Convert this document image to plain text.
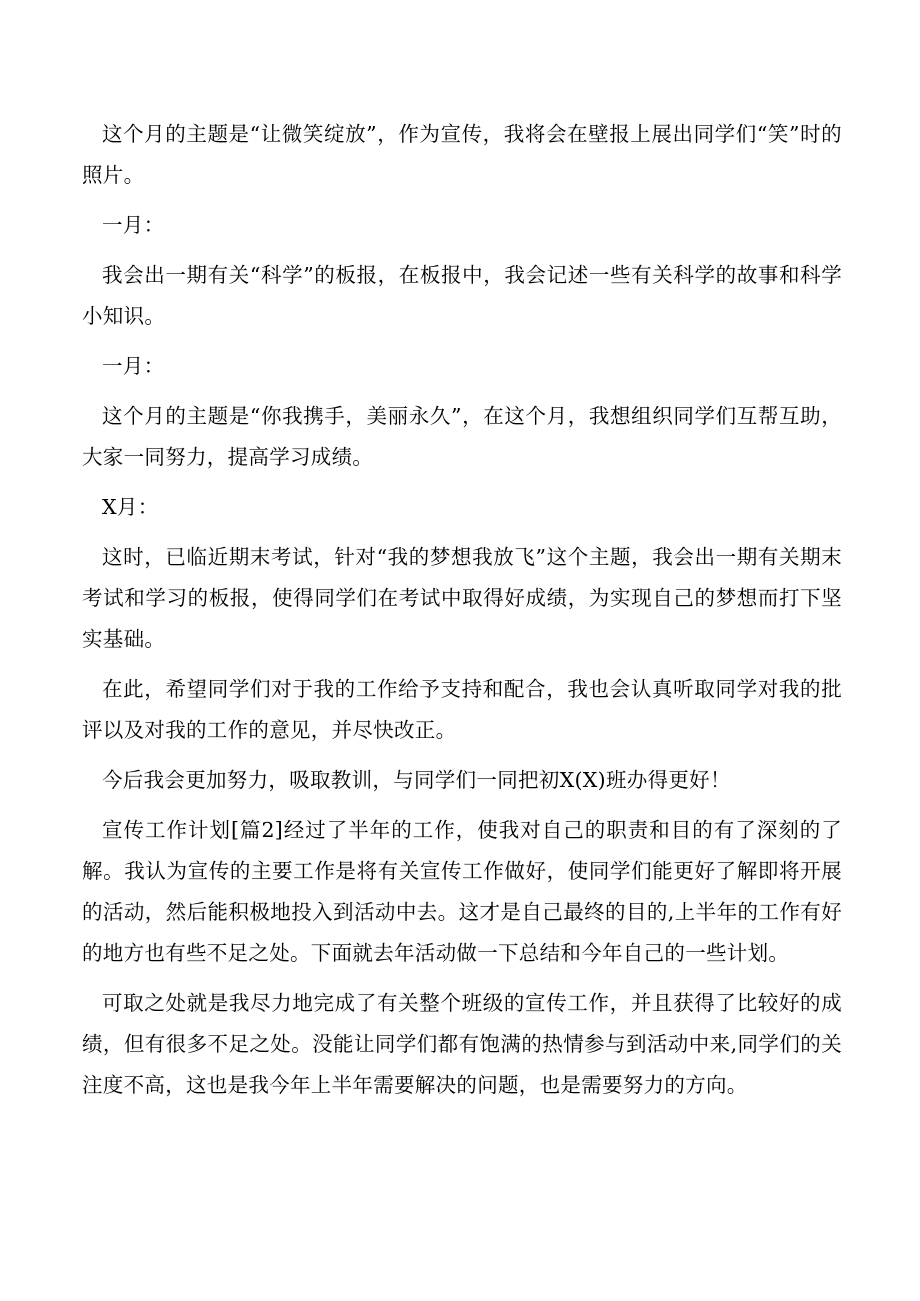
这个月的主题是“让微笑绽放”，作为宣传，我将会在壁报上展出同学们“笑”时的照片。

一月：

我会出一期有关“科学”的板报，在板报中，我会记述一些有关科学的故事和科学小知识。

一月：

这个月的主题是“你我携手，美丽永久”，在这个月，我想组织同学们互帮互助，大家一同努力，提高学习成绩。

X月：

这时，已临近期末考试，针对“我的梦想我放飞”这个主题，我会出一期有关期末考试和学习的板报，使得同学们在考试中取得好成绩，为实现自己的梦想而打下坚实基础。

在此，希望同学们对于我的工作给予支持和配合，我也会认真听取同学对我的批评以及对我的工作的意见，并尽快改正。

今后我会更加努力，吸取教训，与同学们一同把初X(X)班办得更好！

宣传工作计划[篇2]经过了半年的工作，使我对自己的职责和目的有了深刻的了解。我认为宣传的主要工作是将有关宣传工作做好，使同学们能更好了解即将开展的活动，然后能积极地投入到活动中去。这才是自己最终的目的,上半年的工作有好的地方也有些不足之处。下面就去年活动做一下总结和今年自己的一些计划。

可取之处就是我尽力地完成了有关整个班级的宣传工作，并且获得了比较好的成绩，但有很多不足之处。没能让同学们都有饱满的热情参与到活动中来,同学们的关注度不高，这也是我今年上半年需要解决的问题，也是需要努力的方向。
